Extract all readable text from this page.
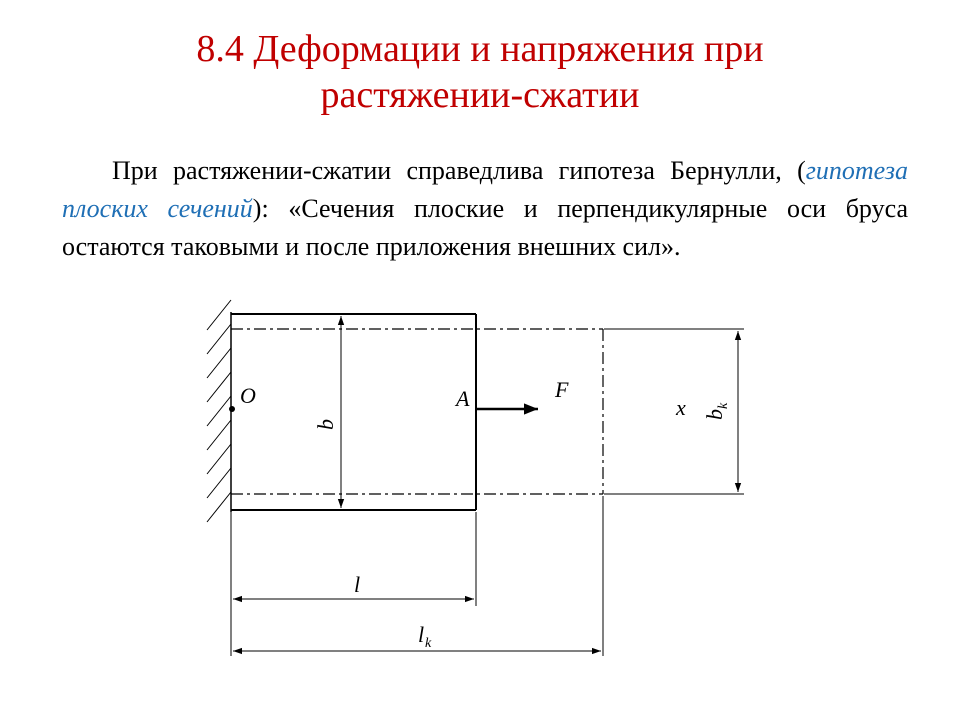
8.4 Деформации и напряжения при
растяжении-сжатии

При растяжении-сжатии справедлива гипотеза Бернулли, (гипотеза плоских сечений): «Сечения плоские и перпендикулярные оси бруса остаются таковыми и после приложения внешних сил».

O	A	F
b
x b
k
l
l k
